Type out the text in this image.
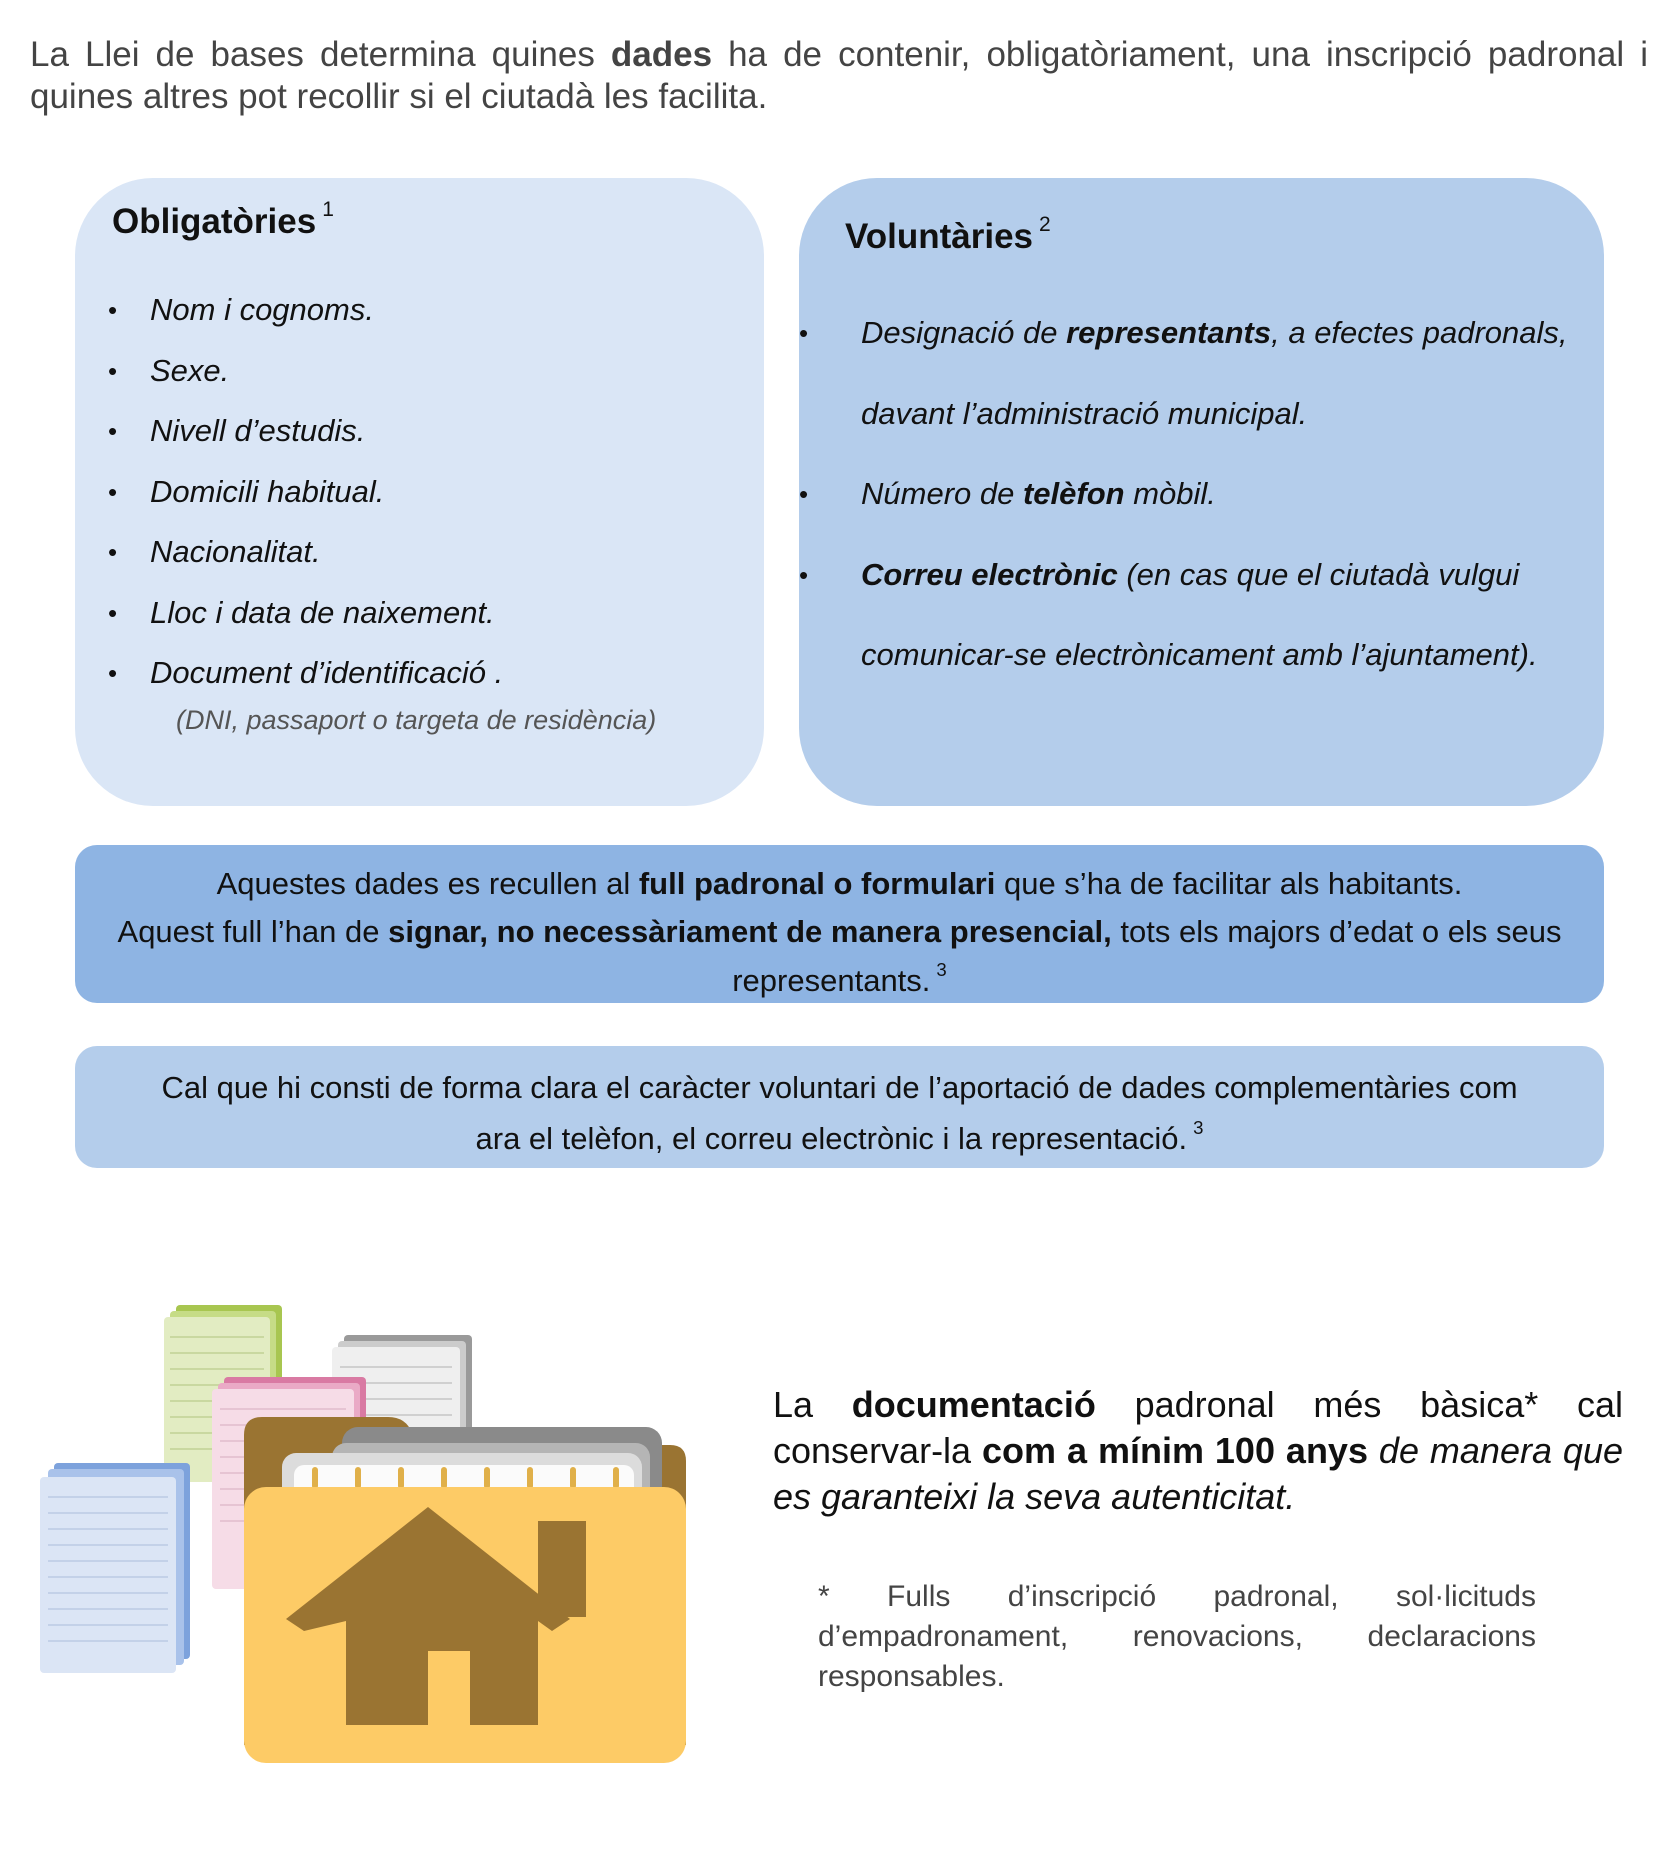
La Llei de bases determina quines dades ha de contenir, obligatòriament, una inscripció padronal i quines altres pot recollir si el ciutadà les facilita.
Obligatòries $^1$
• Nom i cognoms.
• Sexe.
• Nivell d’estudis.
• Domicili habitual.
• Nacionalitat.
• Lloc i data de naixement.
• Document d’identificació .
(DNI, passaport o targeta de residència)
Voluntàries $^2$
• Designació de representants, a efectes padronals, davant l’administració municipal.
• Número de telèfon mòbil.
• Correu electrònic (en cas que el ciutadà vulgui comunicar-se electrònicament amb l’ajuntament).

Aquestes dades es recullen al full padronal o formulari que s’ha de facilitar als habitants.

Aquest full l’han de signar, no necessàriament de manera presencial, tots els majors d’edat o els seus representants. $^3$

Cal que hi consti de forma clara el caràcter voluntari de l’aportació de dades complementàries com ara el telèfon, el correu electrònic i la representació. $^3$
La documentació padronal més bàsica* cal conservar-la com a mínim 100 anys de manera que es garanteixi la seva autenticitat.
* Fulls d’inscripció padronal, sol·licituds d’empadronament, renovacions, declaracions responsables.
